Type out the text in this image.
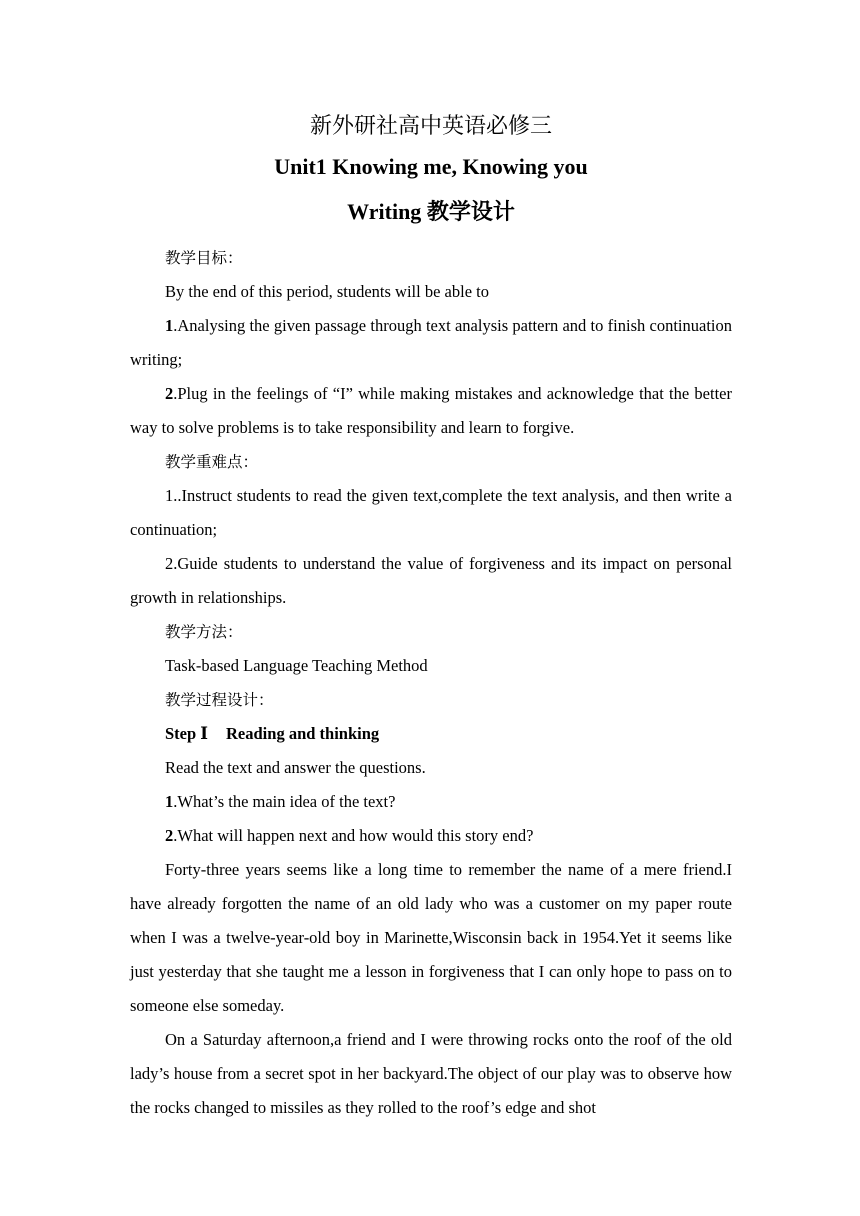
新外研社高中英语必修三

Unit1 Knowing me, Knowing you

Writing 教学设计

教学目标：

By the end of this period, students will be able to

1.Analysing the given passage through text analysis pattern and to finish continuation writing;

2.Plug in the feelings of “I” while making mistakes and acknowledge that the better way to solve problems is to take responsibility and learn to forgive.

教学重难点：

1..Instruct students to read the given text,complete the text analysis, and then write a continuation;

2.Guide students to understand the value of forgiveness and its impact on personal growth in relationships.

教学方法：

Task-based Language Teaching Method

教学过程设计：

Step Ⅰ Reading and thinking

Read the text and answer the questions.

1.What’s the main idea of the text?

2.What will happen next and how would this story end?

Forty-three years seems like a long time to remember the name of a mere friend.I have already forgotten the name of an old lady who was a customer on my paper route when I was a twelve-year-old boy in Marinette,Wisconsin back in 1954.Yet it seems like just yesterday that she taught me a lesson in forgiveness that I can only hope to pass on to someone else someday.

On a Saturday afternoon,a friend and I were throwing rocks onto the roof of the old lady’s house from a secret spot in her backyard.The object of our play was to observe how the rocks changed to missiles as they rolled to the roof’s edge and shot
